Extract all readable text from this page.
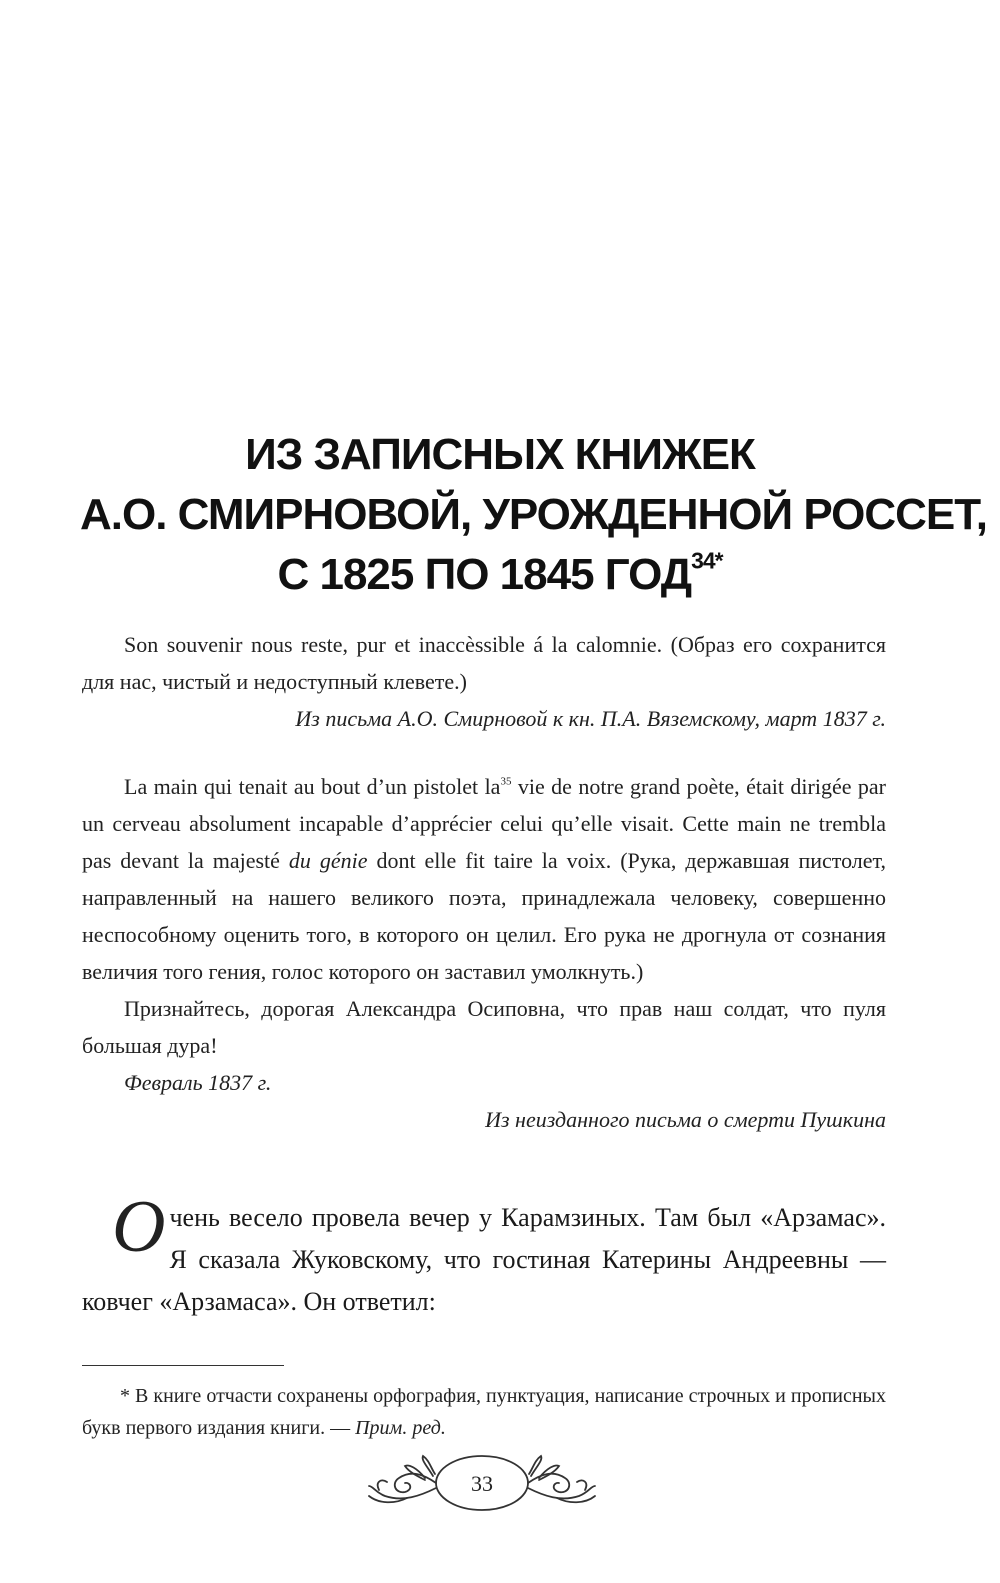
ИЗ ЗАПИСНЫХ КНИЖЕК
А.О. СМИРНОВОЙ, УРОЖДЕННОЙ РОССЕТ,
С 1825 ПО 1845 $ГОД^{34*}$

Son souvenir nous reste, pur et inaccèssible á la calomnie. (Образ его сохранится для нас, чистый и недоступный клевете.)

Из письма А.О. Смирновой к кн. П.А. Вяземскому, март 1837 г.

La main qui tenait au bout d’un pistolet $la^{35}$ vie de notre grand poète, était dirigée par un cerveau absolument incapable d’apprécier celui qu’elle visait. Cette main ne trembla pas devant la majesté du génie dont elle fit taire la voix. (Рука, державшая пистолет, направленный на нашего великого поэта, принадлежала человеку, совершенно неспособному оценить того, в которого он целил. Его рука не дрогнула от сознания величия того гения, голос которого он заставил умолкнуть.)

Признайтесь, дорогая Александра Осиповна, что прав наш солдат, что пуля большая дура!

Февраль 1837 г.

Из неизданного письма о смерти Пушкина

Очень весело провела вечер у Карамзиных. Там был «Арзамас». Я сказала Жуковскому, что гостиная Катерины Андреевны — ковчег «Арзамаса». Он ответил:

* В книге отчасти сохранены орфография, пунктуация, написание строчных и прописных букв первого издания книги. — Прим. ред.

33
